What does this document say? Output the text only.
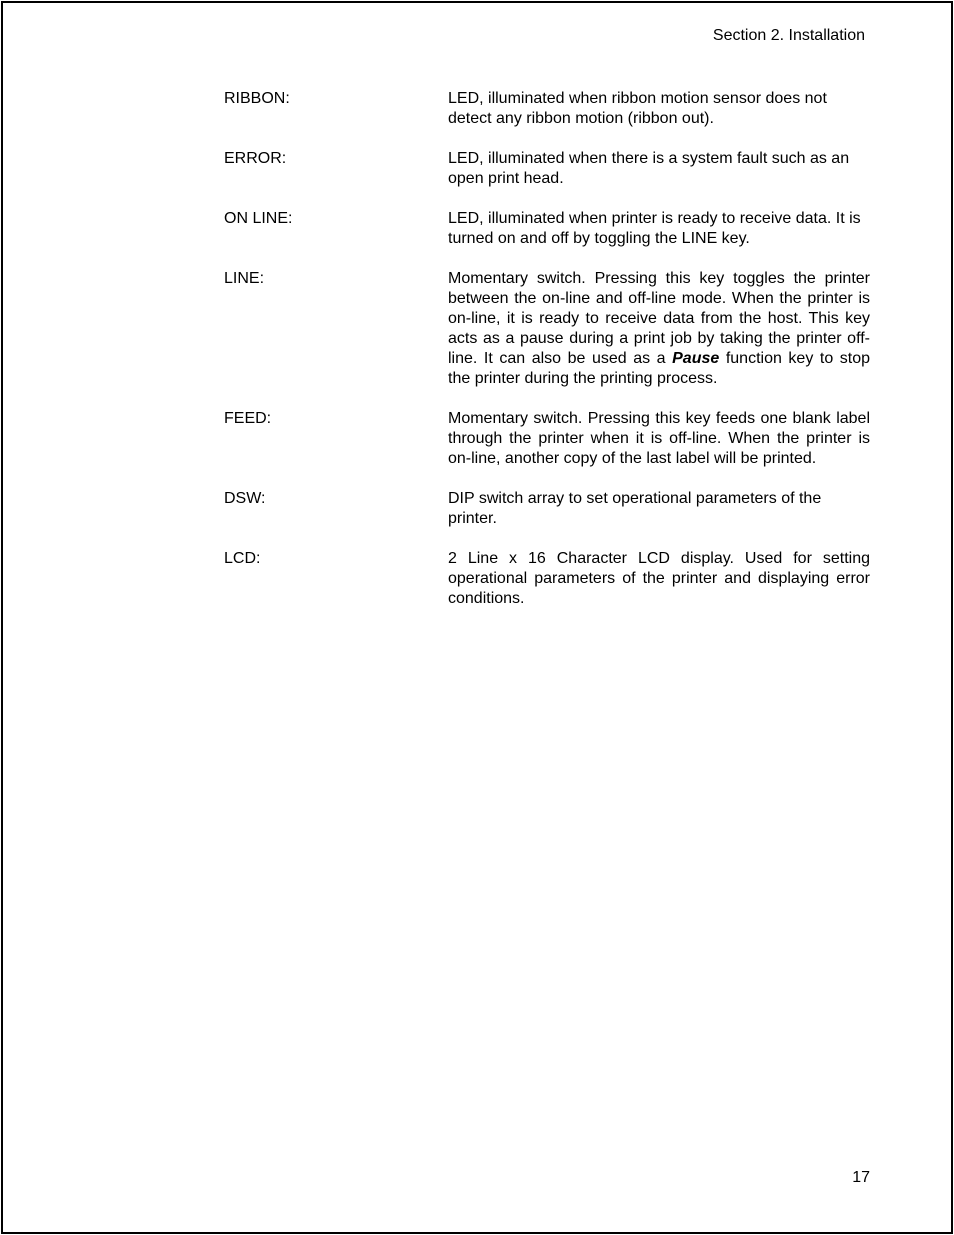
Section 2. Installation
RIBBON:	LED, illuminated when ribbon motion sensor does not detect any ribbon motion (ribbon out).
ERROR:	LED, illuminated when there is a system fault such as an open print head.
ON LINE:	LED, illuminated when printer is ready to receive data. It is turned on and off by toggling the LINE key.
LINE:	Momentary switch. Pressing this key toggles the printer between the on-line and off-line mode. When the printer is on-line, it is ready to receive data from the host. This key acts as a pause during a print job by taking the printer off-line. It can also be used as a Pause function key to stop the printer during the printing process.
FEED:	Momentary switch. Pressing this key feeds one blank label through the printer when it is off-line. When the printer is on-line, another copy of the last label will be printed.
DSW:	DIP switch array to set operational parameters of the printer.
LCD:	2 Line x 16 Character LCD display. Used for setting operational parameters of the printer and displaying error conditions.
17
